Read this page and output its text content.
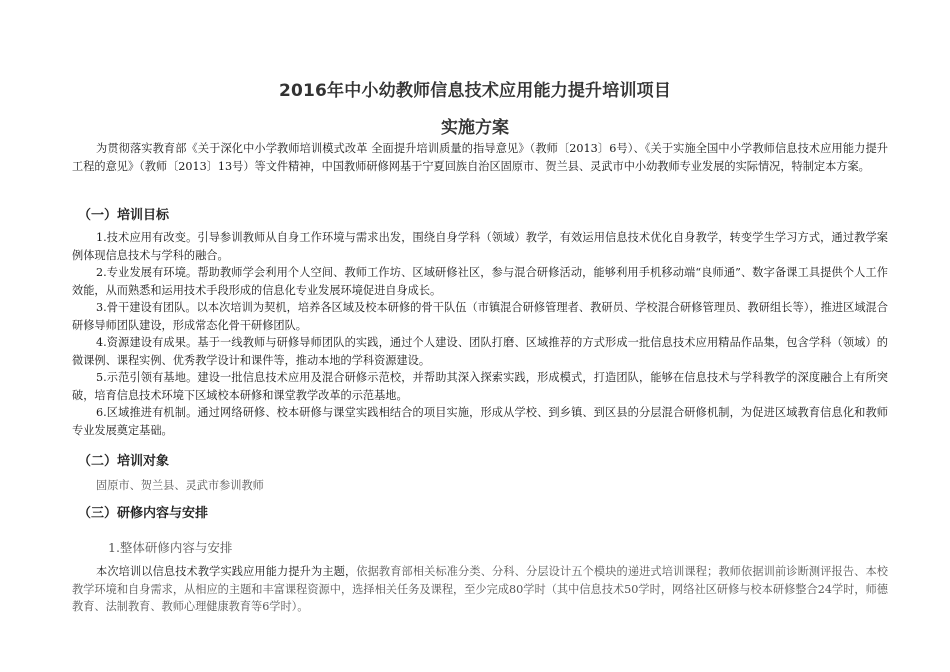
2016年中小幼教师信息技术应用能力提升培训项目
实施方案

为贯彻落实教育部《关于深化中小学教师培训模式改革 全面提升培训质量的指导意见》（教师〔2013〕6号）、《关于实施全国中小学教师信息技术应用能力提升工程的意见》（教师〔2013〕13号）等文件精神，中国教师研修网基于宁夏回族自治区固原市、贺兰县、灵武市中小幼教师专业发展的实际情况，特制定本方案。

（一）培训目标

1.技术应用有改变。引导参训教师从自身工作环境与需求出发，围绕自身学科（领域）教学，有效运用信息技术优化自身教学，转变学生学习方式，通过教学案例体现信息技术与学科的融合。

2.专业发展有环境。帮助教师学会利用个人空间、教师工作坊、区域研修社区，参与混合研修活动，能够利用手机移动端“良师通”、数字备课工具提供个人工作效能，从而熟悉和运用技术手段形成的信息化专业发展环境促进自身成长。

3.骨干建设有团队。以本次培训为契机，培养各区域及校本研修的骨干队伍（市镇混合研修管理者、教研员、学校混合研修管理员、教研组长等），推进区域混合研修导师团队建设，形成常态化骨干研修团队。

4.资源建设有成果。基于一线教师与研修导师团队的实践，通过个人建设、团队打磨、区域推荐的方式形成一批信息技术应用精品作品集，包含学科（领域）的微课例、课程实例、优秀教学设计和课件等，推动本地的学科资源建设。

5.示范引领有基地。建设一批信息技术应用及混合研修示范校，并帮助其深入探索实践，形成模式，打造团队，能够在信息技术与学科教学的深度融合上有所突破，培育信息技术环境下区域校本研修和课堂教学改革的示范基地。

6.区域推进有机制。通过网络研修、校本研修与课堂实践相结合的项目实施，形成从学校、到乡镇、到区县的分层混合研修机制，为促进区域教育信息化和教师专业发展奠定基础。

（二）培训对象

固原市、贺兰县、灵武市参训教师

（三）研修内容与安排

1.整体研修内容与安排

本次培训以信息技术教学实践应用能力提升为主题，依据教育部相关标准分类、分科、分层设计五个模块的递进式培训课程；教师依据训前诊断测评报告、本校教学环境和自身需求，从相应的主题和丰富课程资源中，选择相关任务及课程，至少完成80学时（其中信息技术50学时，网络社区研修与校本研修整合24学时，师德教育、法制教育、教师心理健康教育等6学时）。
